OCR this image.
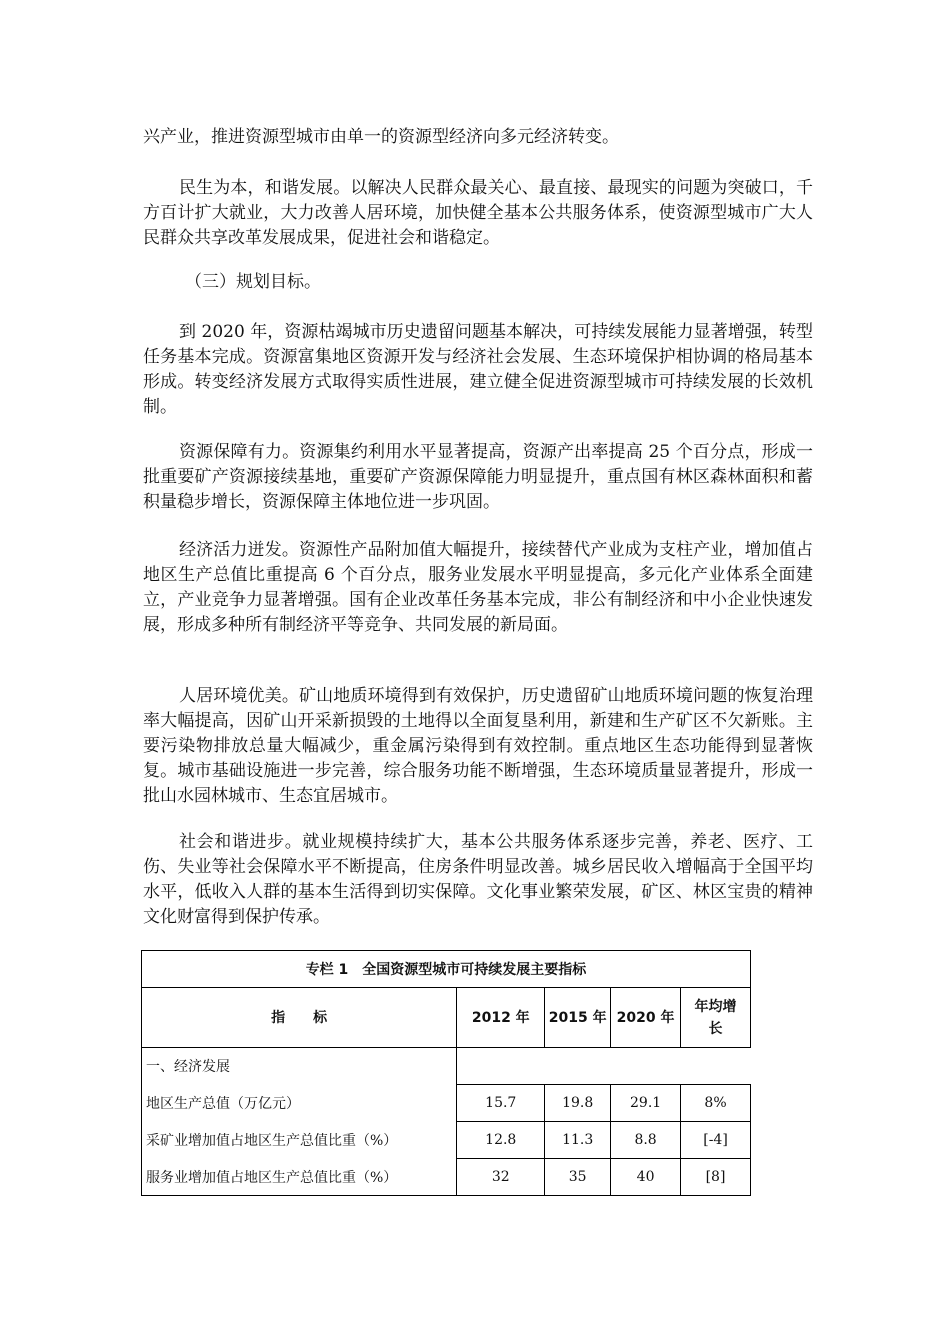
兴产业，推进资源型城市由单一的资源型经济向多元经济转变。

民生为本，和谐发展。以解决人民群众最关心、最直接、最现实的问题为突破口，千方百计扩大就业，大力改善人居环境，加快健全基本公共服务体系，使资源型城市广大人民群众共享改革发展成果，促进社会和谐稳定。

（三）规划目标。

到 2020 年，资源枯竭城市历史遗留问题基本解决，可持续发展能力显著增强，转型任务基本完成。资源富集地区资源开发与经济社会发展、生态环境保护相协调的格局基本形成。转变经济发展方式取得实质性进展，建立健全促进资源型城市可持续发展的长效机制。

资源保障有力。资源集约利用水平显著提高，资源产出率提高 25 个百分点，形成一批重要矿产资源接续基地，重要矿产资源保障能力明显提升，重点国有林区森林面积和蓄积量稳步增长，资源保障主体地位进一步巩固。

经济活力迸发。资源性产品附加值大幅提升，接续替代产业成为支柱产业，增加值占地区生产总值比重提高 6 个百分点，服务业发展水平明显提高，多元化产业体系全面建立，产业竞争力显著增强。国有企业改革任务基本完成，非公有制经济和中小企业快速发展，形成多种所有制经济平等竞争、共同发展的新局面。

人居环境优美。矿山地质环境得到有效保护，历史遗留矿山地质环境问题的恢复治理率大幅提高，因矿山开采新损毁的土地得以全面复垦利用，新建和生产矿区不欠新账。主要污染物排放总量大幅减少，重金属污染得到有效控制。重点地区生态功能得到显著恢复。城市基础设施进一步完善，综合服务功能不断增强，生态环境质量显著提升，形成一批山水园林城市、生态宜居城市。

社会和谐进步。就业规模持续扩大，基本公共服务体系逐步完善，养老、医疗、工伤、失业等社会保障水平不断提高，住房条件明显改善。城乡居民收入增幅高于全国平均水平，低收入人群的基本生活得到切实保障。文化事业繁荣发展，矿区、林区宝贵的精神文化财富得到保护传承。

专栏 1　全国资源型城市可持续发展主要指标				
指　　标	2012 年	2015 年	2020 年	年均增长
一、经济发展				
地区生产总值（万亿元）	15.7	19.8	29.1	8%
采矿业增加值占地区生产总值比重（%）	12.8	11.3	8.8	[-4]
服务业增加值占地区生产总值比重（%）	32	35	40	[8]
